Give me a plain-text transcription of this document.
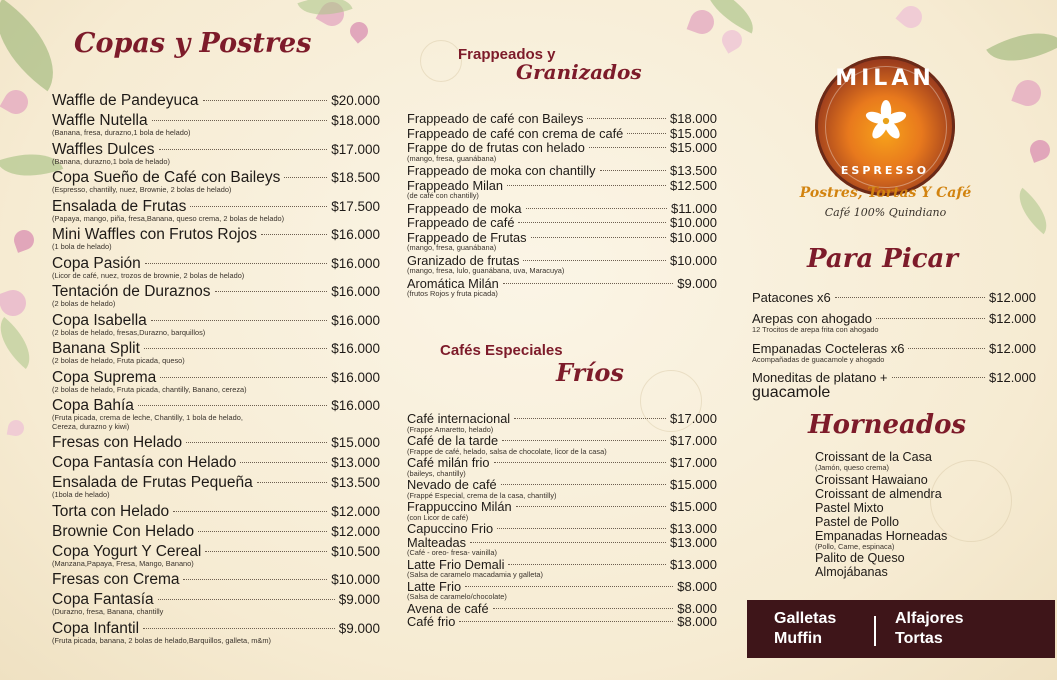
Copas y Postres
Waffle de Pandeyuca	$20.000
Waffle Nutella	$18.000
(Banana, fresa, durazno,1 bola de helado)
Waffles Dulces	$17.000
(Banana, durazno,1 bola de helado)
Copa Sueño de Café con Baileys	$18.500
(Espresso, chantilly, nuez, Brownie, 2 bolas de helado)
Ensalada de Frutas	$17.500
(Papaya, mango, piña, fresa,Banana, queso crema, 2 bolas de helado)
Mini Waffles con Frutos Rojos	$16.000
(1 bola de helado)
Copa Pasión	$16.000
(Licor de café, nuez, trozos de brownie, 2 bolas de helado)
Tentación de Duraznos	$16.000
(2 bolas de helado)
Copa Isabella	$16.000
(2 bolas de helado, fresas,Durazno, barquillos)
Banana Split	$16.000
(2 bolas de helado, Fruta picada, queso)
Copa Suprema	$16.000
(2 bolas de helado, Fruta picada, chantilly, Banano, cereza)
Copa Bahía	$16.000
(Fruta picada, crema de leche, Chantilly, 1 bola de helado,
Cereza, durazno y kiwi)
Fresas con Helado	$15.000
Copa Fantasía con Helado	$13.000
Ensalada de Frutas Pequeña	$13.500
(1bola de helado)
Torta con Helado	$12.000
Brownie Con Helado	$12.000
Copa Yogurt Y Cereal	$10.500
(Manzana,Papaya, Fresa, Mango, Banano)
Fresas con Crema	$10.000
Copa Fantasía	$9.000
(Durazno, fresa, Banana, chantilly
Copa Infantil	$9.000
(Fruta picada, banana, 2 bolas de helado,Barquillos, galleta, m&m)
Frappeados y
Granizados
Frappeado de café con Baileys	$18.000
Frappeado de café con crema de café	$15.000
Frappe do de frutas con helado	$15.000
(mango, fresa, guanábana)
Frappeado de moka con chantilly	$13.500
Frappeado Milan	$12.500
(de café con chantilly)
Frappeado de moka	$11.000
Frappeado de café	$10.000
Frappeado de Frutas	$10.000
(mango, fresa, guanábana)
Granizado de frutas	$10.000
(mango, fresa, lulo, guanábana, uva, Maracuya)
Aromática Milán	$9.000
(frutos Rojos y fruta picada)
Cafés Especiales
Fríos
Café internacional	$17.000
(Frappe Amaretto, helado)
Café de la tarde	$17.000
(Frappe de café, helado, salsa de chocolate, licor de la casa)
Café milán frio	$17.000
(baileys, chantilly)
Nevado de café	$15.000
(Frappé Especial, crema de la casa, chantilly)
Frappuccino Milán	$15.000
(con Licor de café)
Capuccino Frio	$13.000
Malteadas	$13.000
(Café - oreo- fresa- vainilla)
Latte Frio Demali	$13.000
(Salsa de caramelo macadamia y galleta)
Latte Frio	$8.000
(Salsa de caramelo/chocolate)
Avena de café	$8.000
Café frio	$8.000
MILAN
ESPRESSO
Postres, Tortas Y Café
Café 100% Quindiano
Para Picar
Patacones x6	$12.000
Arepas con ahogado	$12.000
12 Trocitos de arepa frita con ahogado
Empanadas Cocteleras x6	$12.000
Acompañadas de guacamole y ahogado
Moneditas de platano +	$12.000
guacamole
Horneados
Croissant de la Casa
(Jamón, queso crema)
Croissant Hawaiano
Croissant de almendra
Pastel Mixto
Pastel de Pollo
Empanadas Horneadas
(Pollo, Carne, espinaca)
Palito de Queso
Almojábanas
Galletas
Muffin
Alfajores
Tortas
